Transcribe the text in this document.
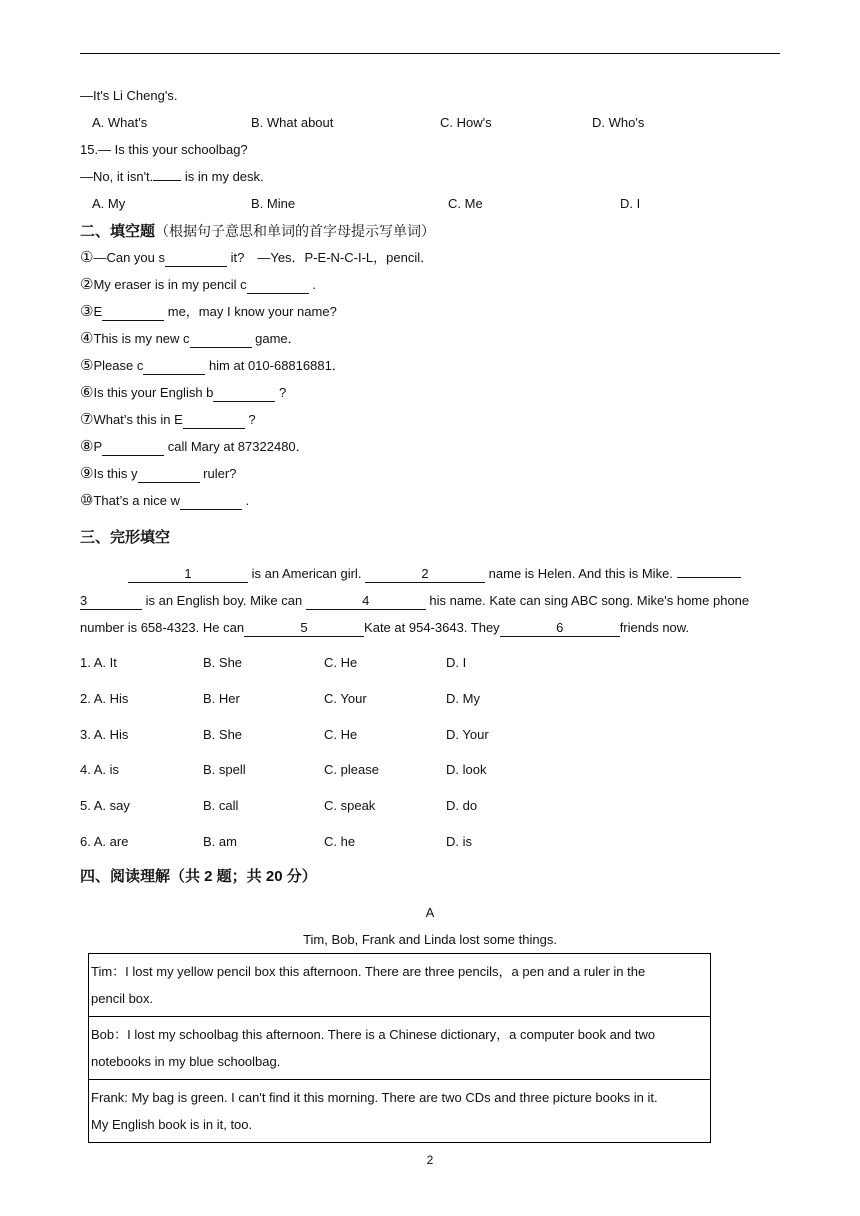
—It's Li Cheng's.
A. What's	B. What about	C. How's	D. Who's
15.— Is this your schoolbag?
—No, it isn't. is in my desk.
A. My	B. Mine	C. Me	D. I
二、填空题（根据句子意思和单词的首字母提示写单词）
①—Can you s	it?　—Yes．P-E-N-C-I-L，pencil．
②My eraser is in my pencil c	.
③E	me，may I know your name?
④This is my new c	game．
⑤Please c	him at 010-68816881．
⑥Is this your English b	?
⑦What’s this in E	?
⑧P	call Mary at 87322480．
⑨Is this y	ruler?
⑩That’s a nice w	.
三、完形填空
1	is an American girl.	2	name is Helen. And this is Mike.
3	is an English boy. Mike can	4	his name. Kate can sing ABC song. Mike's home phone
number is 658-4323. He can	5	Kate at 954-3643. They	6	friends now.
1. A. It	B. She	C. He	D. I
2. A. His	B. Her	C. Your	D. My
3. A. His	B. She	C. He	D. Your
4. A. is	B. spell	C. please	D. look
5. A. say	B. call	C. speak	D. do
6. A. are	B. am	C. he	D. is
四、阅读理解（共 2 题；共 20 分）
A
Tim, Bob, Frank and Linda lost some things.
Tim：I lost my yellow pencil box this afternoon. There are three pencils，a pen and a ruler in the
pencil box.

Bob：I lost my schoolbag this afternoon. There is a Chinese dictionary，a computer book and two
notebooks in my blue schoolbag.

Frank: My bag is green. I can't find it this morning. There are two CDs and three picture books in it.
My English book is in it, too.
2
